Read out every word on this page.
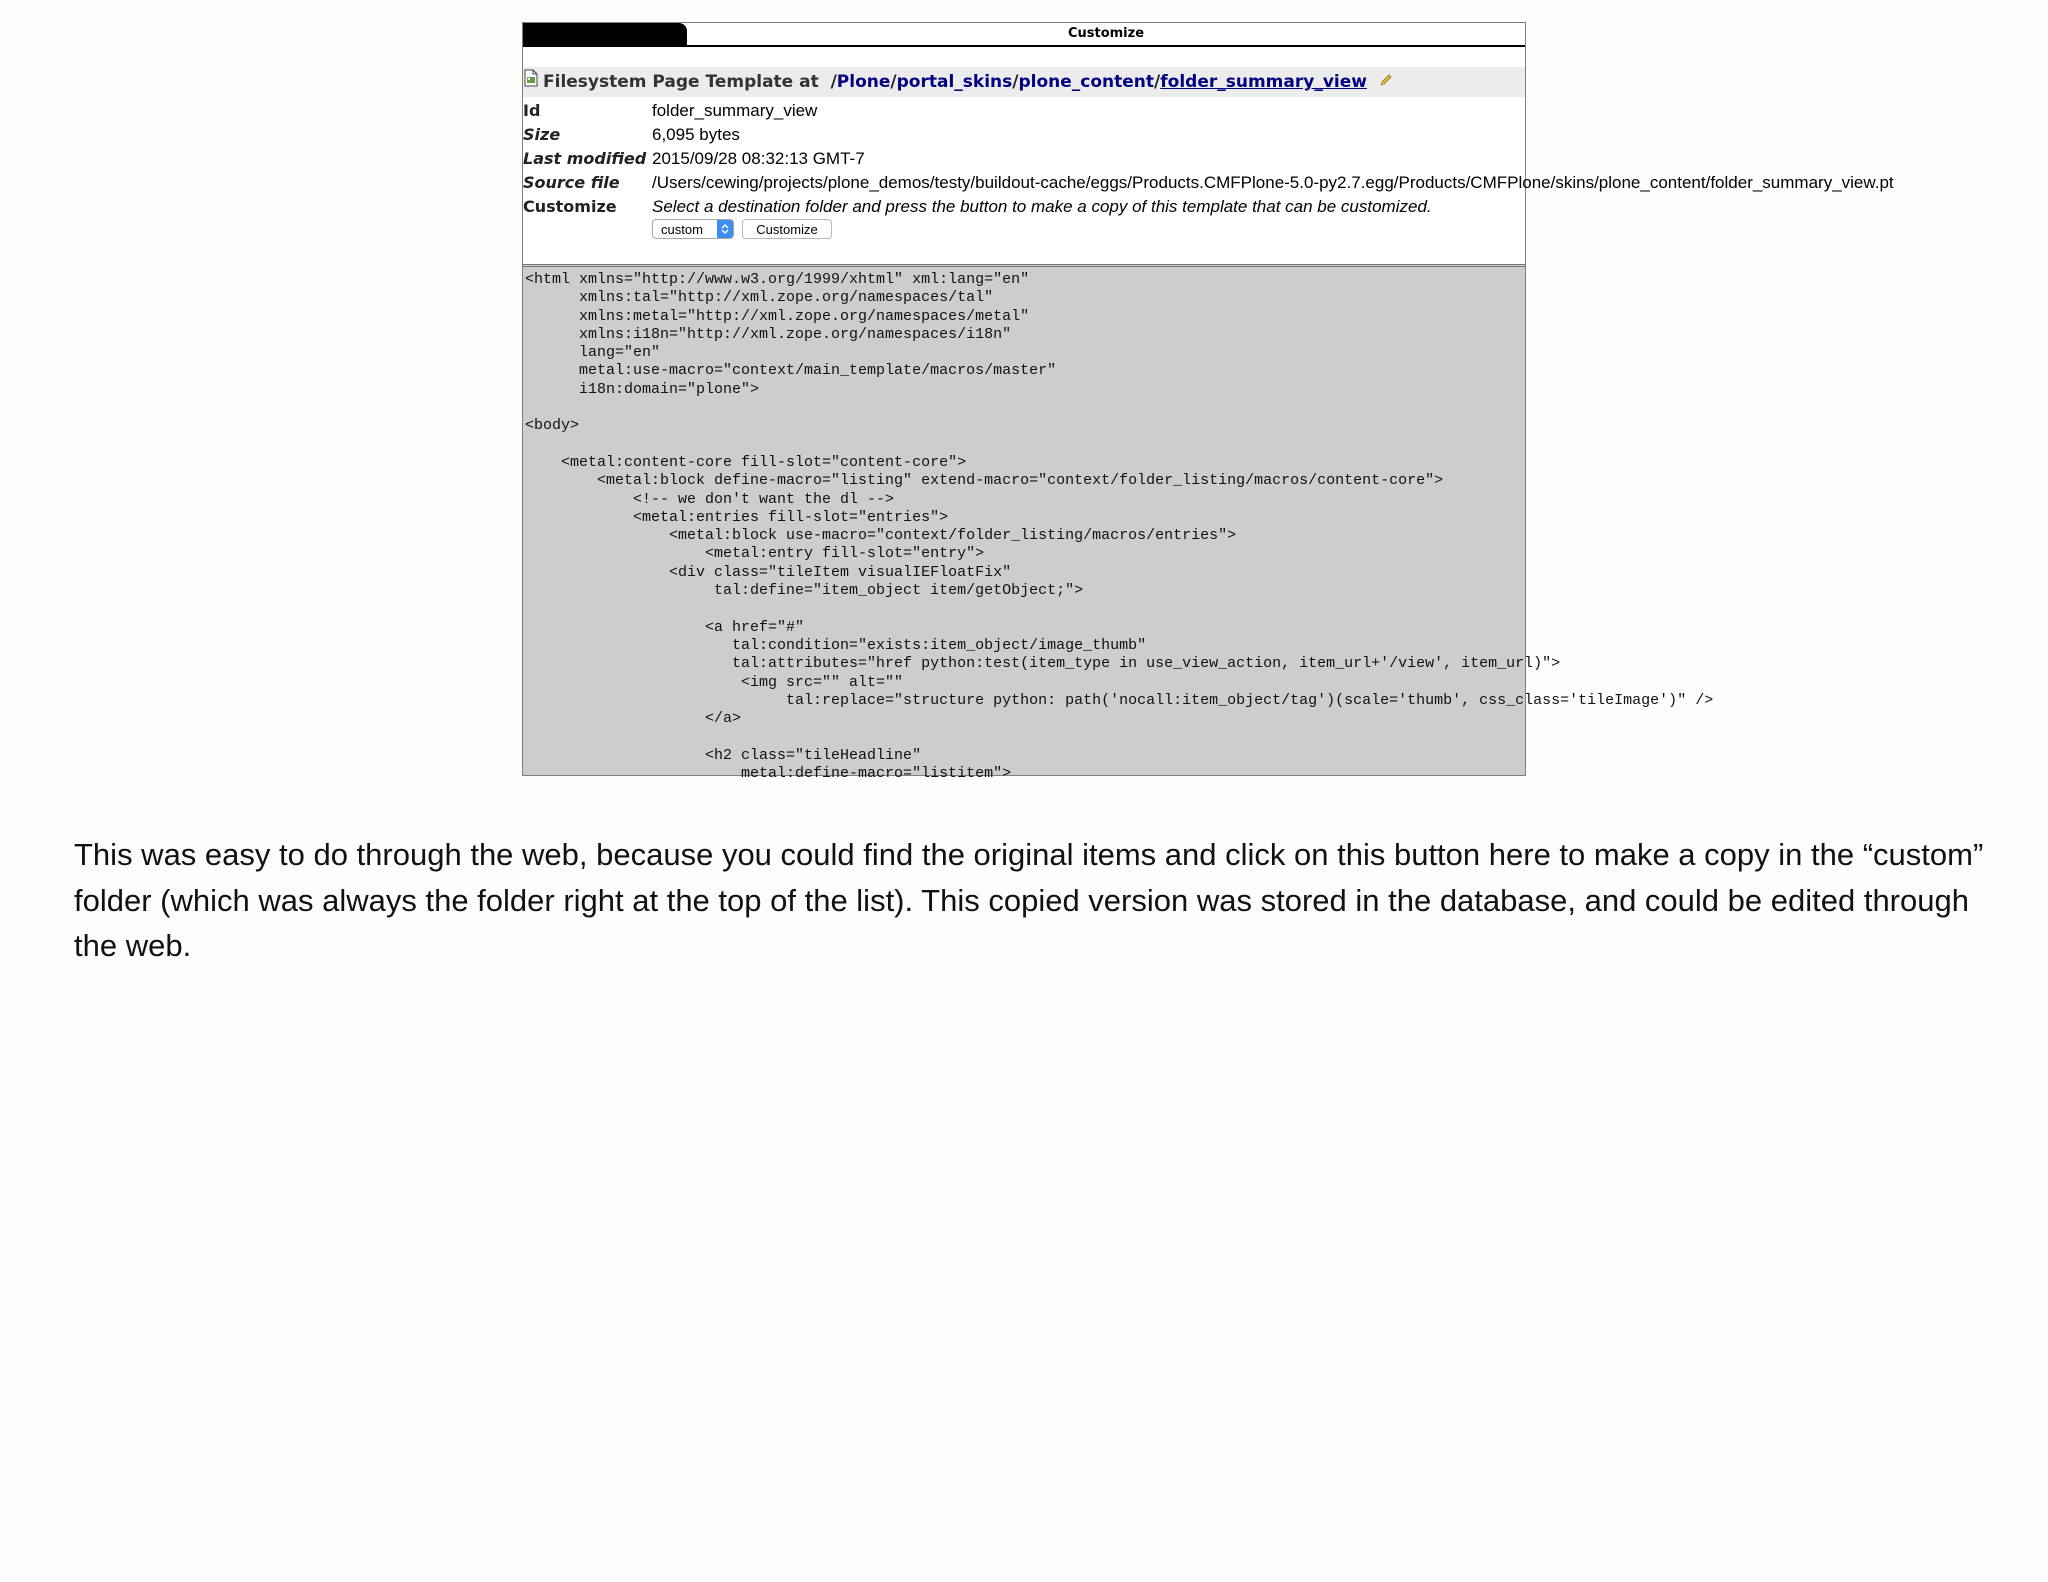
Customize
Filesystem Page Template at /Plone/portal_skins/plone_content/folder_summary_view
Id	folder_summary_view
Size	6,095 bytes
Last modified 2015/09/28 08:32:13 GMT-7
Source file	/Users/cewing/projects/plone_demos/testy/buildout-cache/eggs/Products.CMFPlone-5.0-py2.7.egg/Products/CMFPlone/skins/plone_content/folder_summary_view.pt
Customize	Select a destination folder and press the button to make a copy of this template that can be customized.
custom	Customize
<html xmlns="http://www.w3.org/1999/xhtml" xml:lang="en"
xmlns:tal="http://xml.zope.org/namespaces/tal"
xmlns:metal="http://xml.zope.org/namespaces/metal"
xmlns:i18n="http://xml.zope.org/namespaces/i18n"
lang="en"
metal:use-macro="context/main_template/macros/master"
i18n:domain="plone">

<body>

<metal:content-core fill-slot="content-core">
<metal:block define-macro="listing" extend-macro="context/folder_listing/macros/content-core">
<!-- we don't want the dl -->
<metal:entries fill-slot="entries">
<metal:block use-macro="context/folder_listing/macros/entries">
<metal:entry fill-slot="entry">
<div class="tileItem visualIEFloatFix"
tal:define="item_object item/getObject;">

<a href="#"
tal:condition="exists:item_object/image_thumb"
tal:attributes="href python:test(item_type in use_view_action, item_url+'/view', item_url)">
<img src="" alt=""
tal:replace="structure python: path('nocall:item_object/tag')(scale='thumb', css_class='tileImage')" />
</a>

<h2 class="tileHeadline"
metal:define-macro="listitem">
This was easy to do through the web, because you could find the original items and click on this button here to make a copy in the “custom” folder (which was always the folder right at the top of the list). This copied version was stored in the database, and could be edited through the web.
